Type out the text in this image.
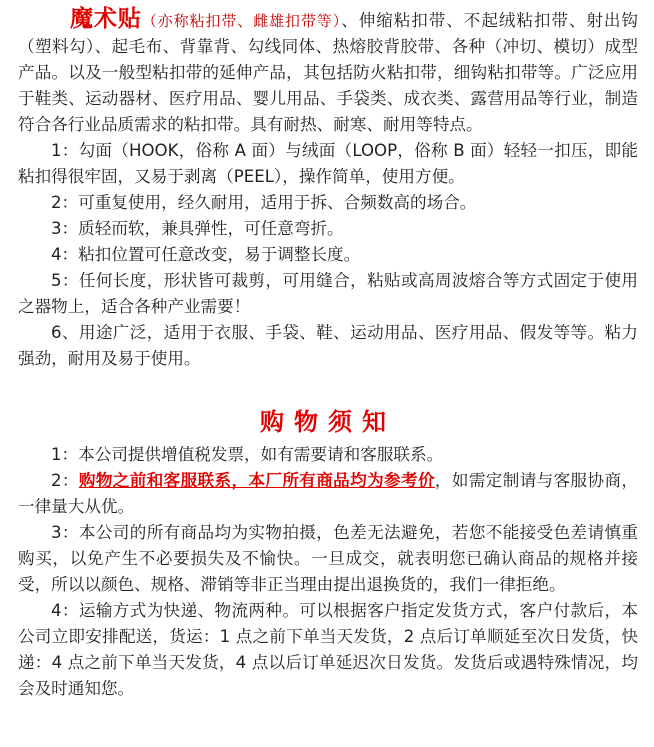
魔术贴（亦称粘扣带、雌雄扣带等）、伸缩粘扣带、不起绒粘扣带、射出钩（塑料勾）、起毛布、背靠背、勾线同体、热熔胶背胶带、各种（冲切、模切）成型产品。以及一般型粘扣带的延伸产品，其包括防火粘扣带，细钩粘扣带等。广泛应用于鞋类、运动器材、医疗用品、婴儿用品、手袋类、成衣类、露营用品等行业，制造符合各行业品质需求的粘扣带。具有耐热、耐寒、耐用等特点。

1：勾面（HOOK，俗称 A 面）与绒面（LOOP，俗称 B 面）轻轻一扣压，即能粘扣得很牢固，又易于剥离（PEEL），操作简单，使用方便。

2：可重复使用，经久耐用，适用于拆、合频数高的场合。

3：质轻而软，兼具弹性，可任意弯折。

4：粘扣位置可任意改变，易于调整长度。

5：任何长度，形状皆可裁剪，可用缝合，粘贴或高周波熔合等方式固定于使用之器物上，适合各种产业需要！

6、用途广泛，适用于衣服、手袋、鞋、运动用品、医疗用品、假发等等。粘力强劲，耐用及易于使用。

购物须知

1：本公司提供增值税发票，如有需要请和客服联系。

2：购物之前和客服联系，本厂所有商品均为参考价，如需定制请与客服协商，一律量大从优。

3：本公司的所有商品均为实物拍摄，色差无法避免，若您不能接受色差请慎重购买，以免产生不必要损失及不愉快。一旦成交，就表明您已确认商品的规格并接受，所以以颜色、规格、滞销等非正当理由提出退换货的，我们一律拒绝。

4：运输方式为快递、物流两种。可以根据客户指定发货方式，客户付款后，本公司立即安排配送，货运：1 点之前下单当天发货，2 点后订单顺延至次日发货，快递：4 点之前下单当天发货，4 点以后订单延迟次日发货。发货后或遇特殊情况，均会及时通知您。
